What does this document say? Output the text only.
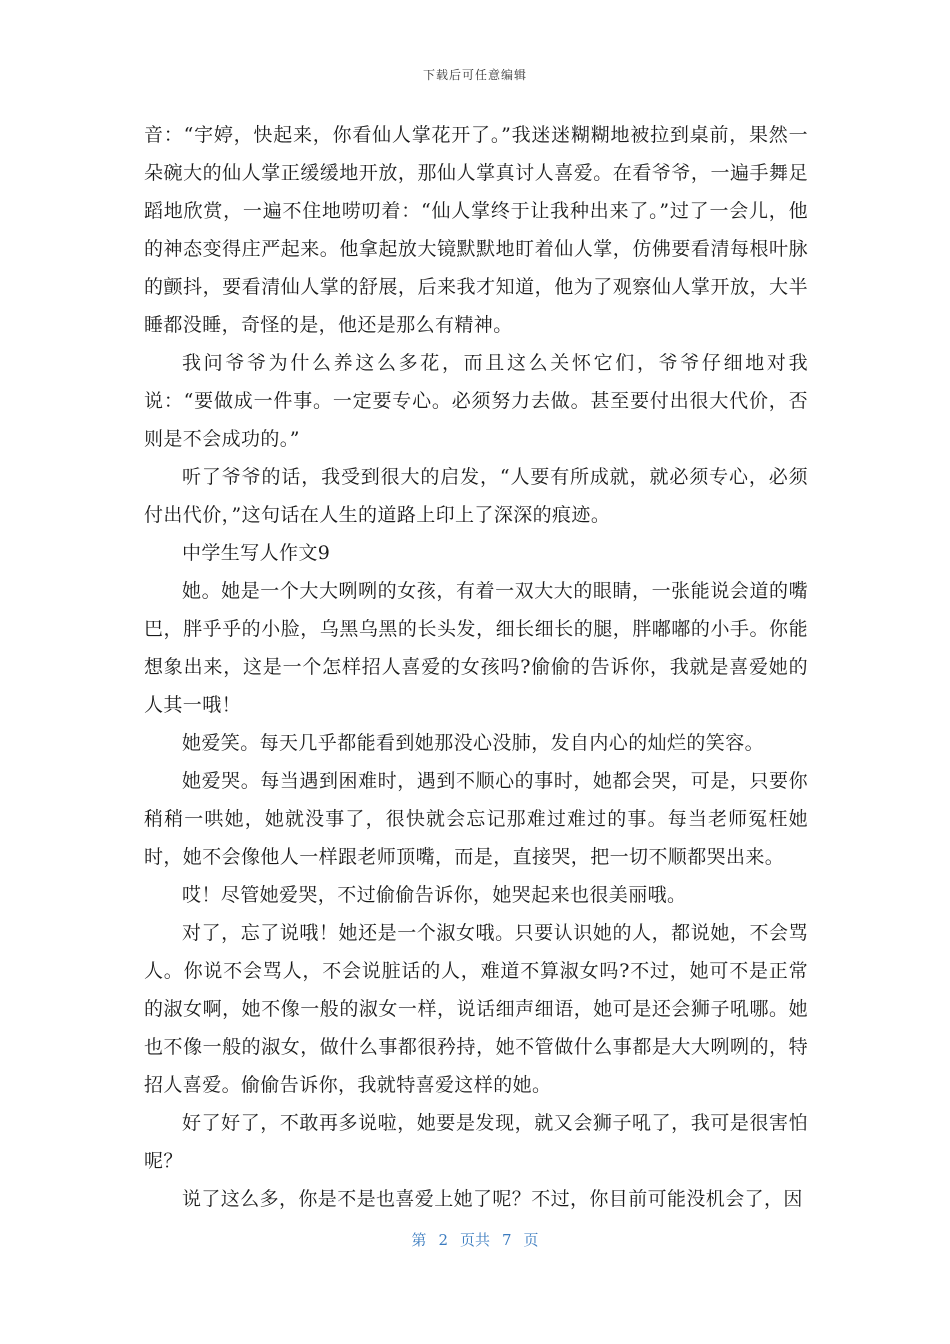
下载后可任意编辑

音：“宇婷，快起来，你看仙人掌花开了。”我迷迷糊糊地被拉到桌前，果然一朵碗大的仙人掌正缓缓地开放，那仙人掌真讨人喜爱。在看爷爷，一遍手舞足蹈地欣赏，一遍不住地唠叨着：“仙人掌终于让我种出来了。”过了一会儿，他的神态变得庄严起来。他拿起放大镜默默地盯着仙人掌，仿佛要看清每根叶脉的颤抖，要看清仙人掌的舒展，后来我才知道，他为了观察仙人掌开放，大半睡都没睡，奇怪的是，他还是那么有精神。

我问爷爷为什么养这么多花，而且这么关怀它们，爷爷仔细地对我说：“要做成一件事。一定要专心。必须努力去做。甚至要付出很大代价，否则是不会成功的。”

听了爷爷的话，我受到很大的启发，“人要有所成就，就必须专心，必须付出代价，”这句话在人生的道路上印上了深深的痕迹。

中学生写人作文9

她。她是一个大大咧咧的女孩，有着一双大大的眼睛，一张能说会道的嘴巴，胖乎乎的小脸，乌黑乌黑的长头发，细长细长的腿，胖嘟嘟的小手。你能想象出来，这是一个怎样招人喜爱的女孩吗?偷偷的告诉你，我就是喜爱她的人其一哦！

她爱笑。每天几乎都能看到她那没心没肺，发自内心的灿烂的笑容。

她爱哭。每当遇到困难时，遇到不顺心的事时，她都会哭，可是，只要你稍稍一哄她，她就没事了，很快就会忘记那难过难过的事。每当老师冤枉她时，她不会像他人一样跟老师顶嘴，而是，直接哭，把一切不顺都哭出来。

哎！尽管她爱哭，不过偷偷告诉你，她哭起来也很美丽哦。

对了，忘了说哦！她还是一个淑女哦。只要认识她的人，都说她，不会骂人。你说不会骂人，不会说脏话的人，难道不算淑女吗?不过，她可不是正常的淑女啊，她不像一般的淑女一样，说话细声细语，她可是还会狮子吼哪。她也不像一般的淑女，做什么事都很矜持，她不管做什么事都是大大咧咧的，特招人喜爱。偷偷告诉你，我就特喜爱这样的她。

好了好了，不敢再多说啦，她要是发现，就又会狮子吼了，我可是很害怕呢？

说了这么多，你是不是也喜爱上她了呢？不过，你目前可能没机会了，因

第 2 页共 7 页
